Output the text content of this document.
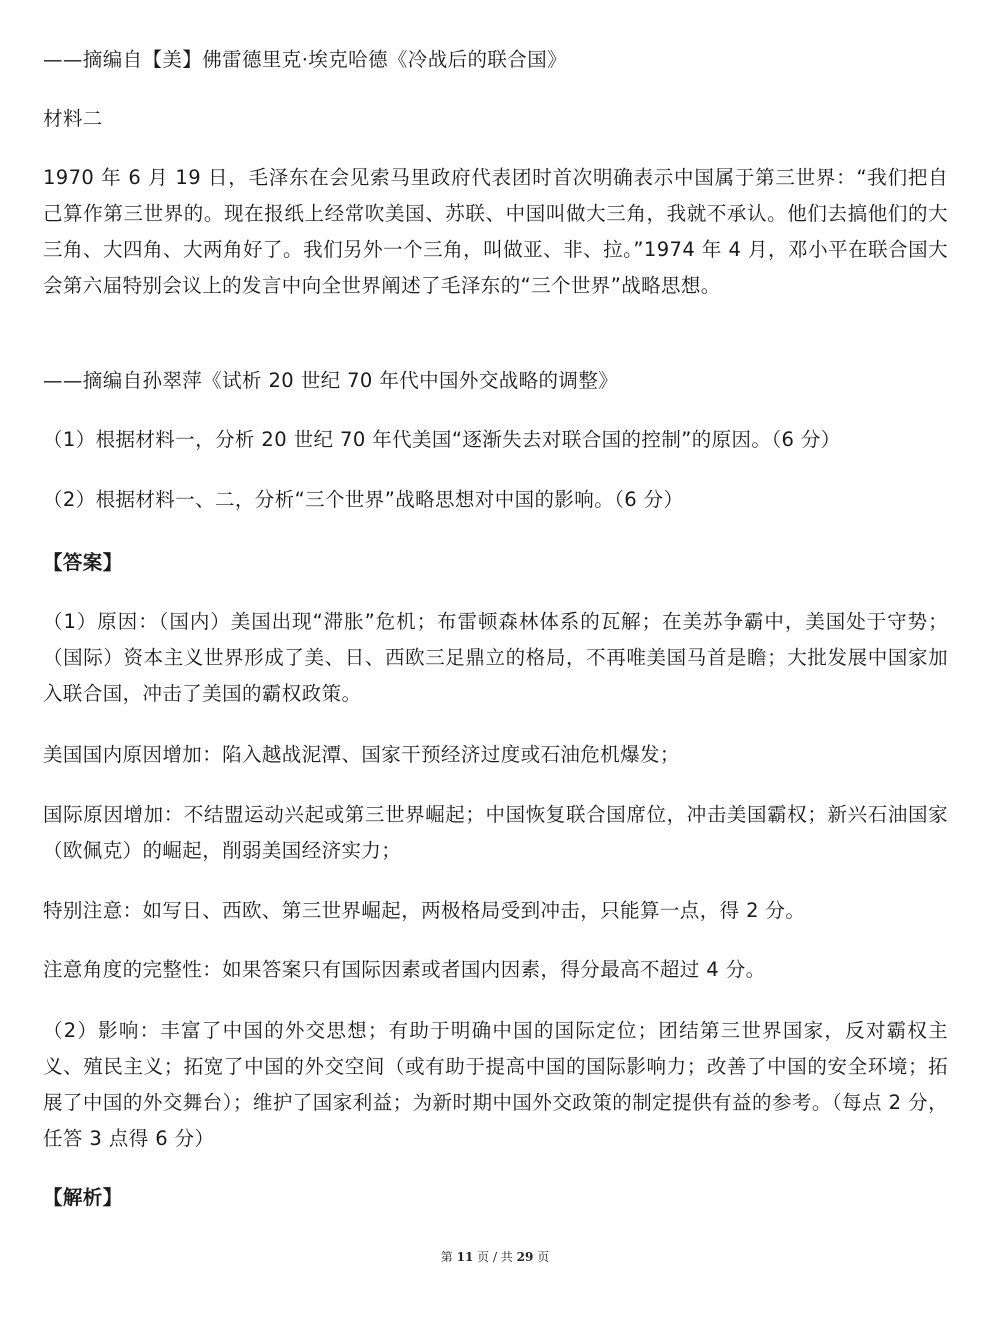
——摘编自【美】佛雷德里克·埃克哈德《冷战后的联合国》

材料二

1970 年 6 月 19 日，毛泽东在会见索马里政府代表团时首次明确表示中国属于第三世界：“我们把自己算作第三世界的。现在报纸上经常吹美国、苏联、中国叫做大三角，我就不承认。他们去搞他们的大三角、大四角、大两角好了。我们另外一个三角，叫做亚、非、拉。”1974 年 4 月，邓小平在联合国大会第六届特别会议上的发言中向全世界阐述了毛泽东的“三个世界”战略思想。

——摘编自孙翠萍《试析 20 世纪 70 年代中国外交战略的调整》

（1）根据材料一，分析 20 世纪 70 年代美国“逐渐失去对联合国的控制”的原因。（6 分）

（2）根据材料一、二，分析“三个世界”战略思想对中国的影响。（6 分）

【答案】

（1）原因：（国内）美国出现“滞胀”危机；布雷顿森林体系的瓦解；在美苏争霸中，美国处于守势；（国际）资本主义世界形成了美、日、西欧三足鼎立的格局，不再唯美国马首是瞻；大批发展中国家加入联合国，冲击了美国的霸权政策。

美国国内原因增加：陷入越战泥潭、国家干预经济过度或石油危机爆发；

国际原因增加：不结盟运动兴起或第三世界崛起；中国恢复联合国席位，冲击美国霸权；新兴石油国家（欧佩克）的崛起，削弱美国经济实力；

特别注意：如写日、西欧、第三世界崛起，两极格局受到冲击，只能算一点，得 2 分。

注意角度的完整性：如果答案只有国际因素或者国内因素，得分最高不超过 4 分。

（2）影响：丰富了中国的外交思想；有助于明确中国的国际定位；团结第三世界国家，反对霸权主义、殖民主义；拓宽了中国的外交空间（或有助于提高中国的国际影响力；改善了中国的安全环境；拓展了中国的外交舞台）；维护了国家利益；为新时期中国外交政策的制定提供有益的参考。（每点 2 分，任答 3 点得 6 分）

【解析】

第 11 页 / 共 29 页
